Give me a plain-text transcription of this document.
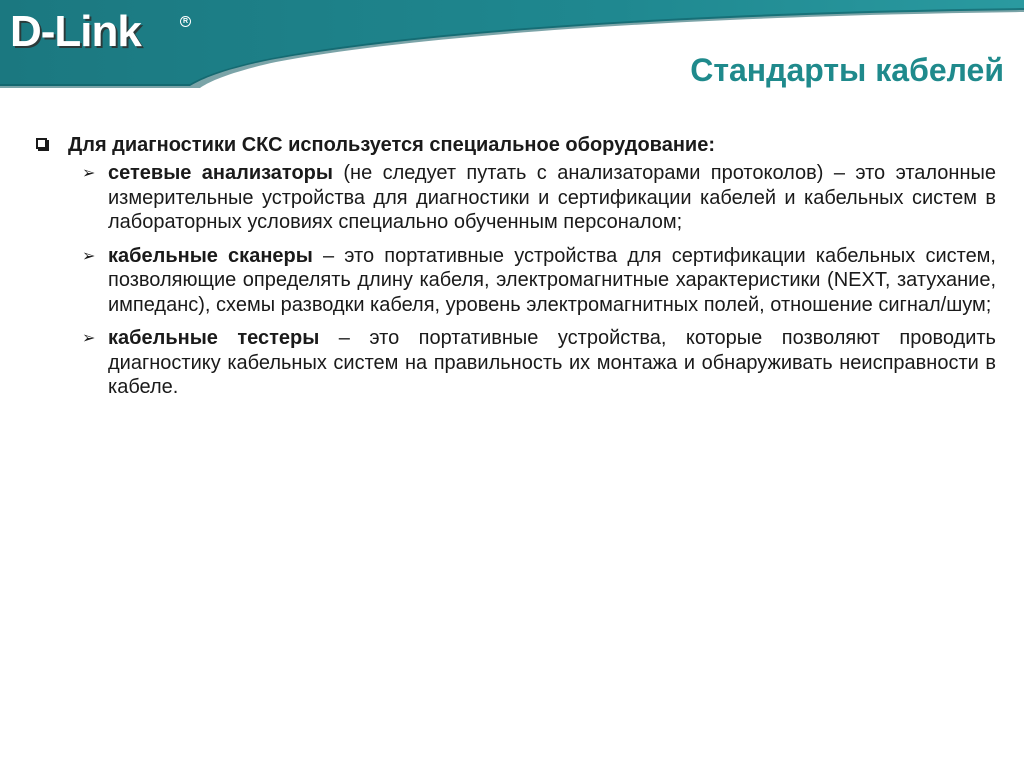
D-Link	R
Стандарты кабелей
Для диагностики СКС используется специальное оборудование:
➢ сетевые анализаторы (не следует путать с анализаторами протоколов) – это эталонные измерительные устройства для диагностики и сертификации кабелей и кабельных систем в лабораторных условиях специально обученным персоналом;
➢ кабельные сканеры – это портативные устройства для сертификации кабельных систем, позволяющие определять длину кабеля, электромагнитные характеристики (NEXT, затухание, импеданс), схемы разводки кабеля, уровень электромагнитных полей, отношение сигнал/шум;
➢ кабельные тестеры – это портативные устройства, которые позволяют проводить диагностику кабельных систем на правильность их монтажа и обнаруживать неисправности в кабеле.
